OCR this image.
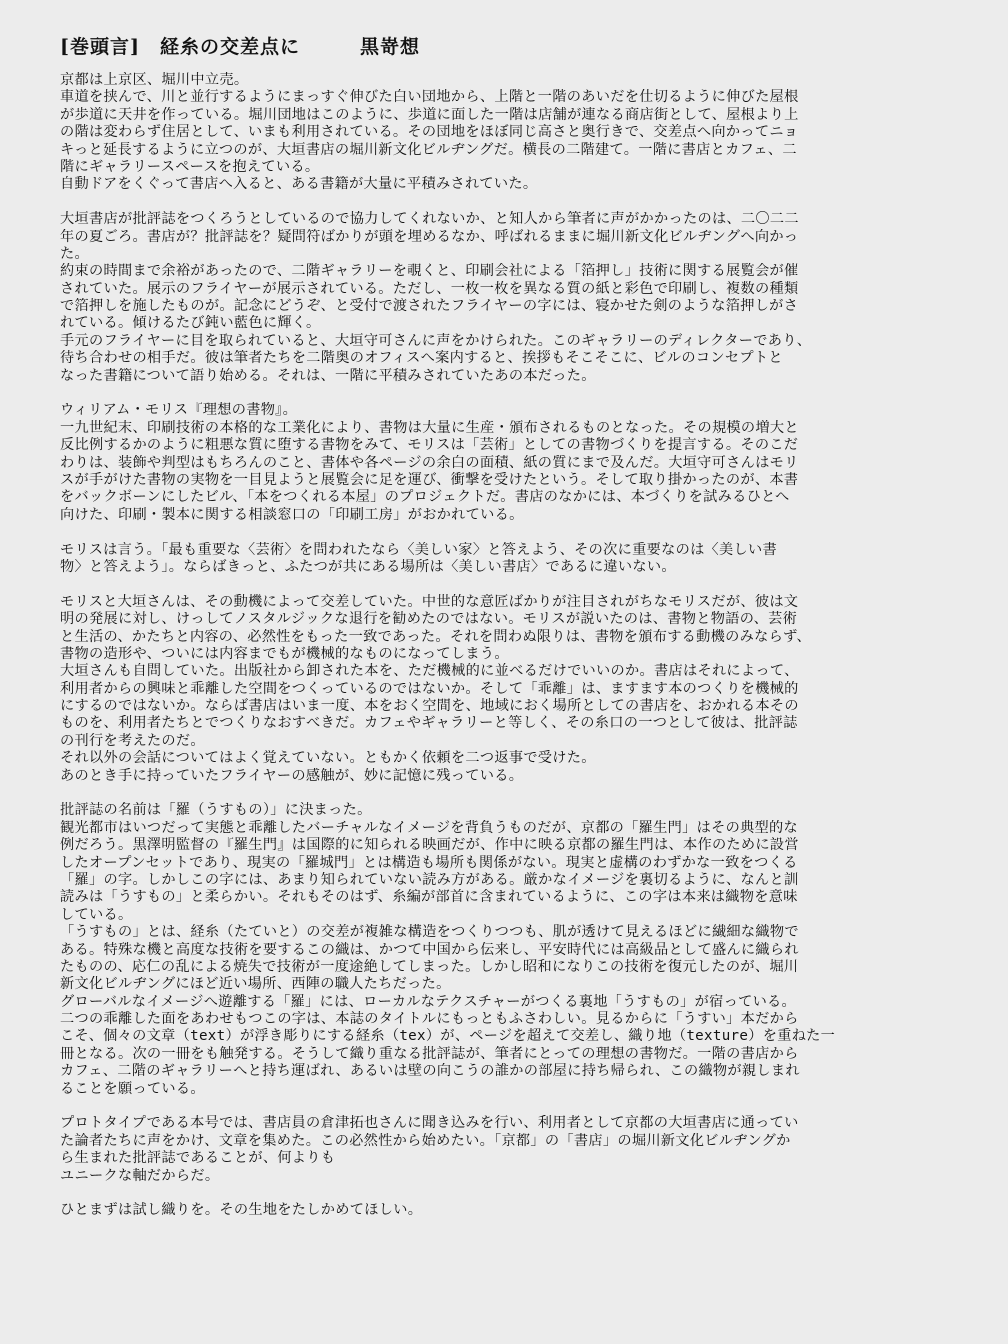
[巻頭言]　経糸の交差点に	黒嵜想
京都は上京区、堀川中立売。
車道を挟んで、川と並行するようにまっすぐ伸びた白い団地から、上階と一階のあいだを仕切るように伸びた屋根
が歩道に天井を作っている。堀川団地はこのように、歩道に面した一階は店舗が連なる商店街として、屋根より上
の階は変わらず住居として、いまも利用されている。その団地をほぼ同じ高さと奥行きで、交差点へ向かってニョ
キっと延長するように立つのが、大垣書店の堀川新文化ビルヂングだ。横長の二階建て。一階に書店とカフェ、二
階にギャラリースペースを抱えている。
自動ドアをくぐって書店へ入ると、ある書籍が大量に平積みされていた。
大垣書店が批評誌をつくろうとしているので協力してくれないか、と知人から筆者に声がかかったのは、二〇二二
年の夏ごろ。書店が？批評誌を？疑問符ばかりが頭を埋めるなか、呼ばれるままに堀川新文化ビルヂングへ向かっ
た。
約束の時間まで余裕があったので、二階ギャラリーを覗くと、印刷会社による「箔押し」技術に関する展覧会が催
されていた。展示のフライヤーが展示されている。ただし、一枚一枚を異なる質の紙と彩色で印刷し、複数の種類
で箔押しを施したものが。記念にどうぞ、と受付で渡されたフライヤーの字には、寝かせた剣のような箔押しがさ
れている。傾けるたび鈍い藍色に輝く。
手元のフライヤーに目を取られていると、大垣守可さんに声をかけられた。このギャラリーのディレクターであり、
待ち合わせの相手だ。彼は筆者たちを二階奥のオフィスへ案内すると、挨拶もそこそこに、ビルのコンセプトと
なった書籍について語り始める。それは、一階に平積みされていたあの本だった。
ウィリアム・モリス『理想の書物』。
一九世紀末、印刷技術の本格的な工業化により、書物は大量に生産・頒布されるものとなった。その規模の増大と
反比例するかのように粗悪な質に堕する書物をみて、モリスは「芸術」としての書物づくりを提言する。そのこだ
わりは、装飾や判型はもちろんのこと、書体や各ページの余白の面積、紙の質にまで及んだ。大垣守可さんはモリ
スが手がけた書物の実物を一目見ようと展覧会に足を運び、衝撃を受けたという。そして取り掛かったのが、本書
をバックボーンにしたビル、「本をつくれる本屋」のプロジェクトだ。書店のなかには、本づくりを試みるひとへ
向けた、印刷・製本に関する相談窓口の「印刷工房」がおかれている。
モリスは言う。「最も重要な〈芸術〉を問われたなら〈美しい家〉と答えよう、その次に重要なのは〈美しい書
物〉と答えよう」。ならばきっと、ふたつが共にある場所は〈美しい書店〉であるに違いない。
モリスと大垣さんは、その動機によって交差していた。中世的な意匠ばかりが注目されがちなモリスだが、彼は文
明の発展に対し、けっしてノスタルジックな退行を勧めたのではない。モリスが説いたのは、書物と物語の、芸術
と生活の、かたちと内容の、必然性をもった一致であった。それを問わぬ限りは、書物を頒布する動機のみならず、
書物の造形や、ついには内容までもが機械的なものになってしまう。
大垣さんも自問していた。出版社から卸された本を、ただ機械的に並べるだけでいいのか。書店はそれによって、
利用者からの興味と乖離した空間をつくっているのではないか。そして「乖離」は、ますます本のつくりを機械的
にするのではないか。ならば書店はいま一度、本をおく空間を、地域におく場所としての書店を、おかれる本その
ものを、利用者たちとでつくりなおすべきだ。カフェやギャラリーと等しく、その糸口の一つとして彼は、批評誌
の刊行を考えたのだ。
それ以外の会話についてはよく覚えていない。ともかく依頼を二つ返事で受けた。
あのとき手に持っていたフライヤーの感触が、妙に記憶に残っている。
批評誌の名前は「羅（うすもの）」に決まった。
観光都市はいつだって実態と乖離したバーチャルなイメージを背負うものだが、京都の「羅生門」はその典型的な
例だろう。黒澤明監督の『羅生門』は国際的に知られる映画だが、作中に映る京都の羅生門は、本作のために設営
したオープンセットであり、現実の「羅城門」とは構造も場所も関係がない。現実と虚構のわずかな一致をつくる
「羅」の字。しかしこの字には、あまり知られていない読み方がある。厳かなイメージを裏切るように、なんと訓
読みは「うすもの」と柔らかい。それもそのはず、糸編が部首に含まれているように、この字は本来は織物を意味
している。
「うすもの」とは、経糸（たていと）の交差が複雑な構造をつくりつつも、肌が透けて見えるほどに繊細な織物で
ある。特殊な機と高度な技術を要するこの織は、かつて中国から伝来し、平安時代には高級品として盛んに織られ
たものの、応仁の乱による焼失で技術が一度途絶してしまった。しかし昭和になりこの技術を復元したのが、堀川
新文化ビルヂングにほど近い場所、西陣の職人たちだった。
グローバルなイメージへ遊離する「羅」には、ローカルなテクスチャーがつくる裏地「うすもの」が宿っている。
二つの乖離した面をあわせもつこの字は、本誌のタイトルにもっともふさわしい。見るからに「うすい」本だから
こそ、個々の文章（text）が浮き彫りにする経糸（tex）が、ページを超えて交差し、織り地（texture）を重ねた一
冊となる。次の一冊をも触発する。そうして織り重なる批評誌が、筆者にとっての理想の書物だ。一階の書店から
カフェ、二階のギャラリーへと持ち運ばれ、あるいは壁の向こうの誰かの部屋に持ち帰られ、この織物が親しまれ
ることを願っている。
プロトタイプである本号では、書店員の倉津拓也さんに聞き込みを行い、利用者として京都の大垣書店に通ってい
た論者たちに声をかけ、文章を集めた。この必然性から始めたい。「京都」の「書店」の堀川新文化ビルヂングか
ら生まれた批評誌であることが、何よりも
ユニークな軸だからだ。
ひとまずは試し織りを。その生地をたしかめてほしい。
